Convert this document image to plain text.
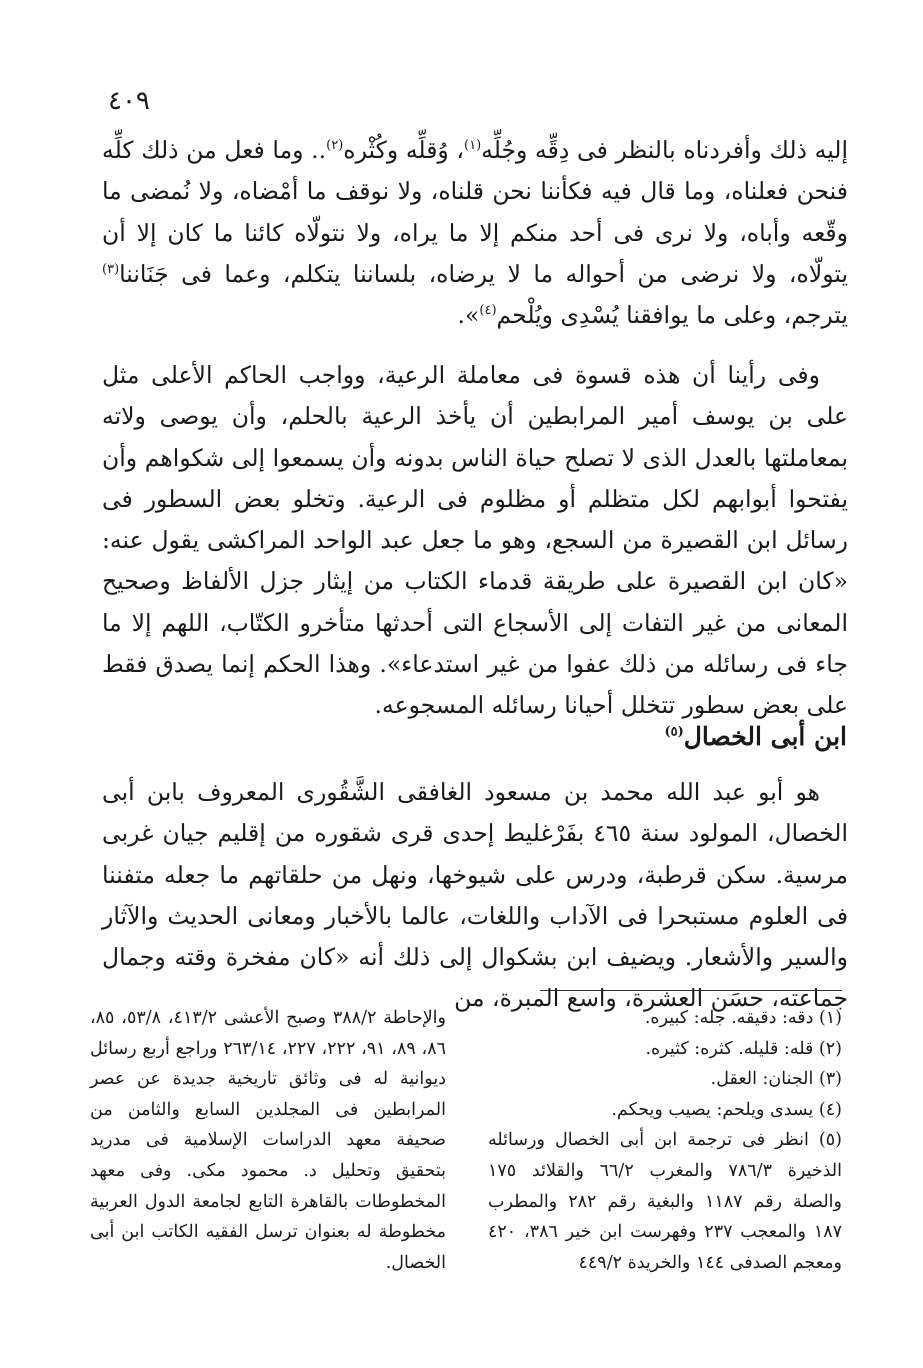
٤٠٩

إليه ذلك وأفردناه بالنظر فى دِقِّه وجُلِّه$^{(١)}$، وُقلِّه وكُثْره$^{(٢)}$.. وما فعل من ذلك كلِّه فنحن فعلناه، وما قال فيه فكأننا نحن قلناه، ولا نوقف ما أمْضاه، ولا نُمضى ما وقّعه وأباه، ولا نرى فى أحد منكم إلا ما يراه، ولا نتولّاه كائنا ما كان إلا أن يتولّاه، ولا نرضى من أحواله ما لا يرضاه، بلساننا يتكلم، وعما فى جَنَاننا$^{(٣)}$ يترجم، وعلى ما يوافقنا يُسْدِى ويُلْحم$^{(٤)}$».

وفى رأينا أن هذه قسوة فى معاملة الرعية، وواجب الحاكم الأعلى مثل على بن يوسف أمير المرابطين أن يأخذ الرعية بالحلم، وأن يوصى ولاته بمعاملتها بالعدل الذى لا تصلح حياة الناس بدونه وأن يسمعوا إلى شكواهم وأن يفتحوا أبوابهم لكل متظلم أو مظلوم فى الرعية. وتخلو بعض السطور فى رسائل ابن القصيرة من السجع، وهو ما جعل عبد الواحد المراكشى يقول عنه: «كان ابن القصيرة على طريقة قدماء الكتاب من إيثار جزل الألفاظ وصحيح المعانى من غير التفات إلى الأسجاع التى أحدثها متأخرو الكتّاب، اللهم إلا ما جاء فى رسائله من ذلك عفوا من غير استدعاء». وهذا الحكم إنما يصدق فقط على بعض سطور تتخلل أحيانا رسائله المسجوعه.

ابن أبى الخصال$^{(٥)}$

هو أبو عبد الله محمد بن مسعود الغافقى الشَّقُورى المعروف بابن أبى الخصال، المولود سنة ٤٦٥ بفَرْغليط إحدى قرى شقوره من إقليم جيان غربى مرسية. سكن قرطبة، ودرس على شيوخها، ونهل من حلقاتهم ما جعله متفننا فى العلوم مستبحرا فى الآداب واللغات، عالما بالأخبار ومعانى الحديث والآثار والسير والأشعار. ويضيف ابن بشكوال إلى ذلك أنه «كان مفخرة وقته وجمال جماعته، حسَن العشرة، واسع المبرة، من

(١) دقه: دقيقه. جله: كبيره.

(٢) قله: قليله. كثره: كثيره.

(٣) الجنان: العقل.

(٤) يسدى ويلحم: يصيب ويحكم.

(٥) انظر فى ترجمة ابن أبى الخصال ورسائله الذخيرة ٧٨٦/٣ والمغرب ٦٦/٢ والقلائد ١٧٥ والصلة رقم ١١٨٧ والبغية رقم ٢٨٢ والمطرب ١٨٧ والمعجب ٢٣٧ وفهرست ابن خير ٣٨٦، ٤٢٠ ومعجم الصدفى ١٤٤ والخريدة ٤٤٩/٢

والإحاطة ٣٨٨/٢ وصبح الأعشى ٤١٣/٢، ٥٣/٨، ٨٥، ٨٦، ٨٩، ٩١، ٢٢٢، ٢٢٧، ٢٦٣/١٤ وراجع أربع رسائل ديوانية له فى وثائق تاريخية جديدة عن عصر المرابطين فى المجلدين السابع والثامن من صحيفة معهد الدراسات الإسلامية فى مدريد بتحقيق وتحليل د. محمود مكى. وفى معهد المخطوطات بالقاهرة التابع لجامعة الدول العربية مخطوطة له بعنوان ترسل الفقيه الكاتب ابن أبى الخصال.
